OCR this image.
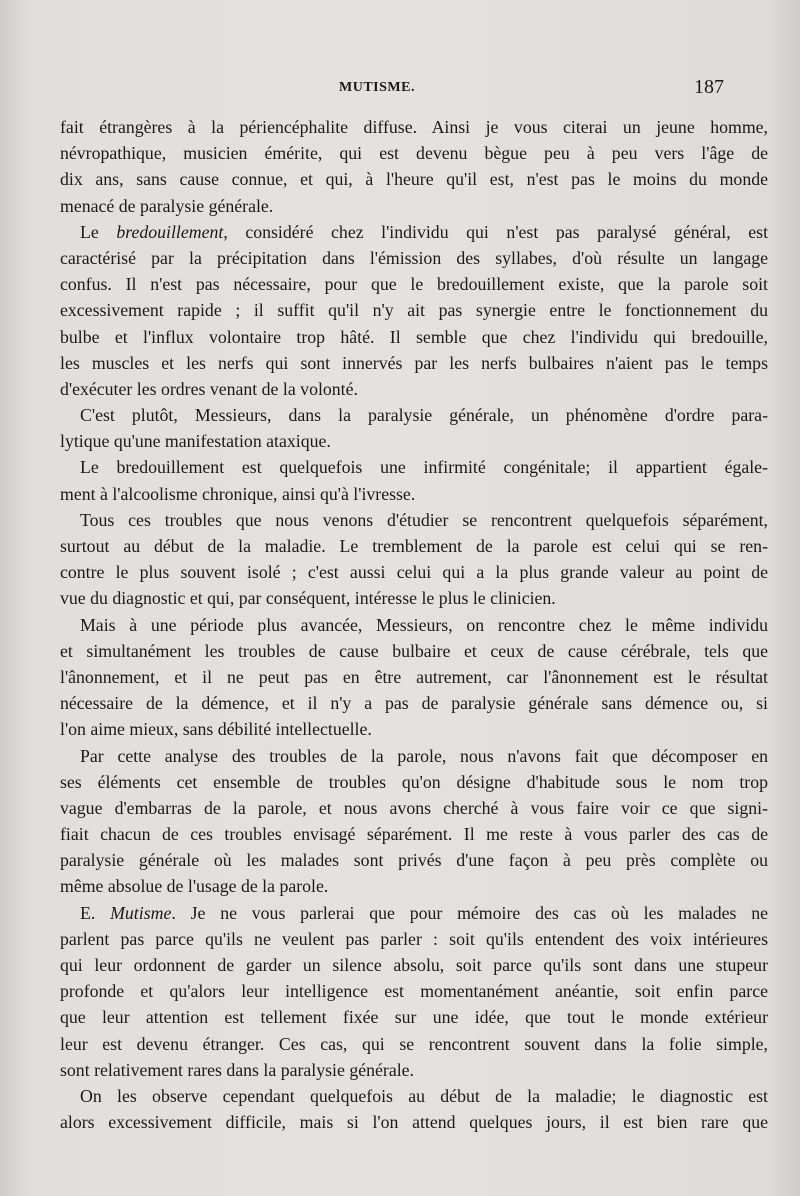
MUTISME.	187
fait étrangères à la périencéphalite diffuse. Ainsi je vous citerai un jeune homme,
névropathique, musicien émérite, qui est devenu bègue peu à peu vers l'âge de
dix ans, sans cause connue, et qui, à l'heure qu'il est, n'est pas le moins du monde
menacé de paralysie générale.
Le bredouillement, considéré chez l'individu qui n'est pas paralysé général, est
caractérisé par la précipitation dans l'émission des syllabes, d'où résulte un langage
confus. Il n'est pas nécessaire, pour que le bredouillement existe, que la parole soit
excessivement rapide ; il suffit qu'il n'y ait pas synergie entre le fonctionnement du
bulbe et l'influx volontaire trop hâté. Il semble que chez l'individu qui bredouille,
les muscles et les nerfs qui sont innervés par les nerfs bulbaires n'aient pas le temps
d'exécuter les ordres venant de la volonté.
C'est plutôt, Messieurs, dans la paralysie générale, un phénomène d'ordre para-
lytique qu'une manifestation ataxique.
Le bredouillement est quelquefois une infirmité congénitale; il appartient égale-
ment à l'alcoolisme chronique, ainsi qu'à l'ivresse.
Tous ces troubles que nous venons d'étudier se rencontrent quelquefois séparément,
surtout au début de la maladie. Le tremblement de la parole est celui qui se ren-
contre le plus souvent isolé ; c'est aussi celui qui a la plus grande valeur au point de
vue du diagnostic et qui, par conséquent, intéresse le plus le clinicien.
Mais à une période plus avancée, Messieurs, on rencontre chez le même individu
et simultanément les troubles de cause bulbaire et ceux de cause cérébrale, tels que
l'ânonnement, et il ne peut pas en être autrement, car l'ânonnement est le résultat
nécessaire de la démence, et il n'y a pas de paralysie générale sans démence ou, si
l'on aime mieux, sans débilité intellectuelle.
Par cette analyse des troubles de la parole, nous n'avons fait que décomposer en
ses éléments cet ensemble de troubles qu'on désigne d'habitude sous le nom trop
vague d'embarras de la parole, et nous avons cherché à vous faire voir ce que signi-
fiait chacun de ces troubles envisagé séparément. Il me reste à vous parler des cas de
paralysie générale où les malades sont privés d'une façon à peu près complète ou
même absolue de l'usage de la parole.
E. Mutisme. Je ne vous parlerai que pour mémoire des cas où les malades ne
parlent pas parce qu'ils ne veulent pas parler : soit qu'ils entendent des voix intérieures
qui leur ordonnent de garder un silence absolu, soit parce qu'ils sont dans une stupeur
profonde et qu'alors leur intelligence est momentanément anéantie, soit enfin parce
que leur attention est tellement fixée sur une idée, que tout le monde extérieur
leur est devenu étranger. Ces cas, qui se rencontrent souvent dans la folie simple,
sont relativement rares dans la paralysie générale.
On les observe cependant quelquefois au début de la maladie; le diagnostic est
alors excessivement difficile, mais si l'on attend quelques jours, il est bien rare que
